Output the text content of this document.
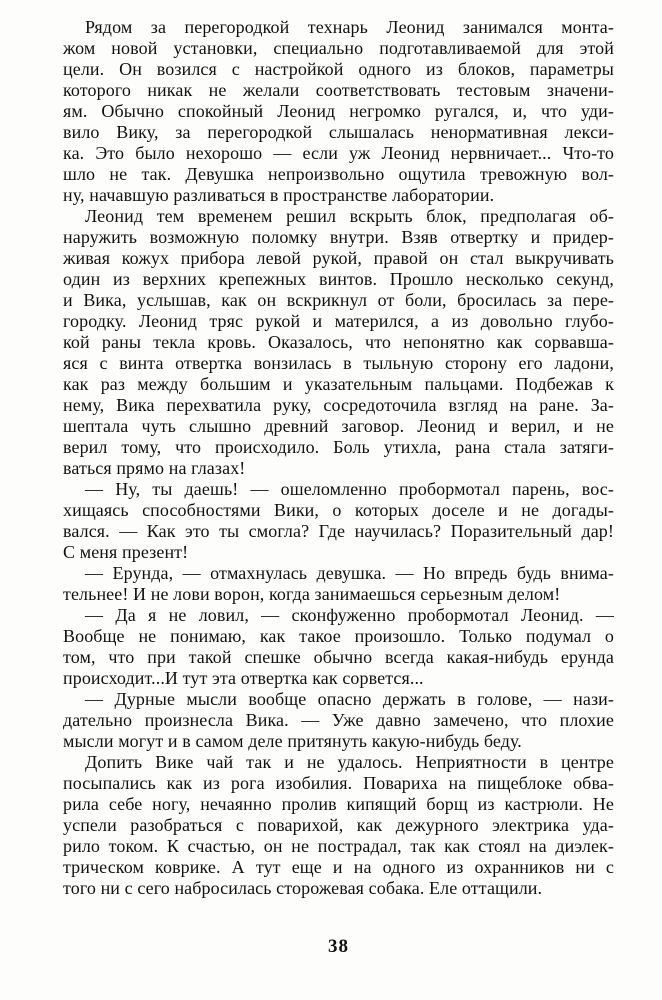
Рядом за перегородкой технарь Леонид занимался монта-
жом новой установки, специально подготавливаемой для этой
цели. Он возился с настройкой одного из блоков, параметры
которого никак не желали соответствовать тестовым значени-
ям. Обычно спокойный Леонид негромко ругался, и, что уди-
вило Вику, за перегородкой слышалась ненормативная лекси-
ка. Это было нехорошо — если уж Леонид нервничает... Что-то
шло не так. Девушка непроизвольно ощутила тревожную вол-
ну, начавшую разливаться в пространстве лаборатории.
Леонид тем временем решил вскрыть блок, предполагая об-
наружить возможную поломку внутри. Взяв отвертку и придер-
живая кожух прибора левой рукой, правой он стал выкручивать
один из верхних крепежных винтов. Прошло несколько секунд,
и Вика, услышав, как он вскрикнул от боли, бросилась за пере-
городку. Леонид тряс рукой и матерился, а из довольно глубо-
кой раны текла кровь. Оказалось, что непонятно как сорвавша-
яся с винта отвертка вонзилась в тыльную сторону его ладони,
как раз между большим и указательным пальцами. Подбежав к
нему, Вика перехватила руку, сосредоточила взгляд на ране. За-
шептала чуть слышно древний заговор. Леонид и верил, и не
верил тому, что происходило. Боль утихла, рана стала затяги-
ваться прямо на глазах!
— Ну, ты даешь! — ошеломленно пробормотал парень, вос-
хищаясь способностями Вики, о которых доселе и не догады-
вался. — Как это ты смогла? Где научилась? Поразительный дар!
С меня презент!
— Ерунда, — отмахнулась девушка. — Но впредь будь внима-
тельнее! И не лови ворон, когда занимаешься серьезным делом!
— Да я не ловил, — сконфуженно пробормотал Леонид. —
Вообще не понимаю, как такое произошло. Только подумал о
том, что при такой спешке обычно всегда какая-нибудь ерунда
происходит...И тут эта отвертка как сорвется...
— Дурные мысли вообще опасно держать в голове, — нази-
дательно произнесла Вика. — Уже давно замечено, что плохие
мысли могут и в самом деле притянуть какую-нибудь беду.
Допить Вике чай так и не удалось. Неприятности в центре
посыпались как из рога изобилия. Повариха на пищеблоке обва-
рила себе ногу, нечаянно пролив кипящий борщ из кастрюли. Не
успели разобраться с поварихой, как дежурного электрика уда-
рило током. К счастью, он не пострадал, так как стоял на диэлек-
трическом коврике. А тут еще и на одного из охранников ни с
того ни с сего набросилась сторожевая собака. Еле оттащили.
38
